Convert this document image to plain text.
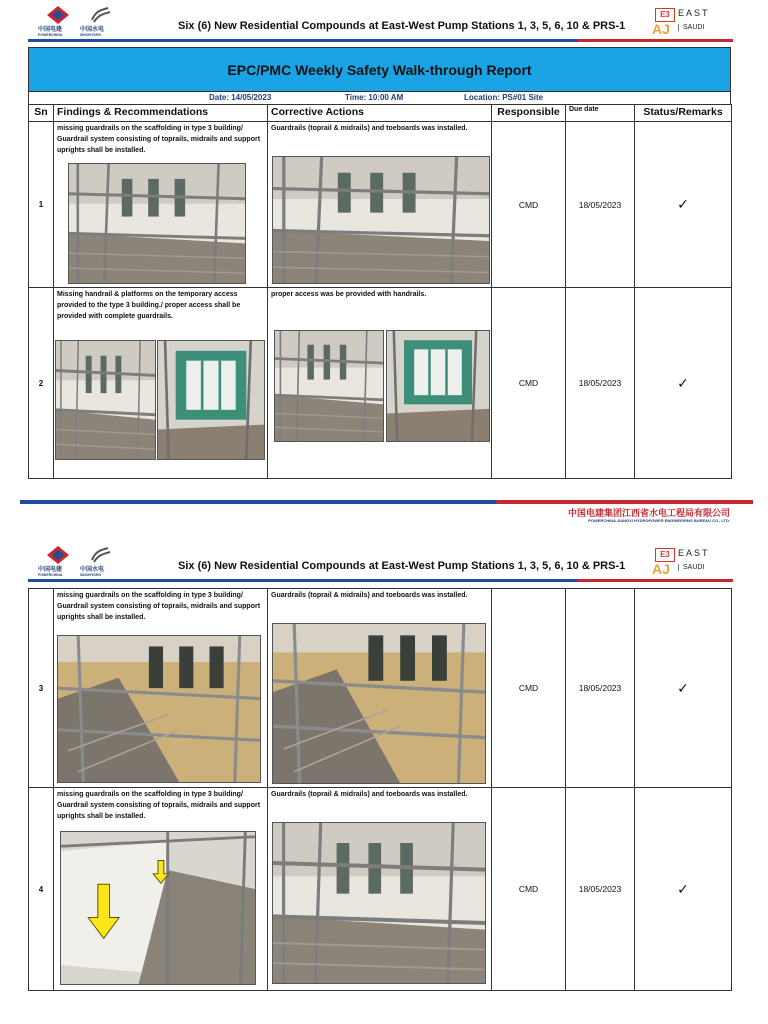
中国电建
POWERCHINA
中国水电
SINOHYDRO
Six (6) New Residential Compounds at East-West Pump Stations 1, 3, 5, 6, 10 & PRS-1
E3
AJ
EAST
SAUDI
EPC/PMC Weekly Safety Walk-through Report
Date: 14/05/2023	Time: 10:00 AM	Location: PS#01 Site
Sn	Findings & Recommendations	Corrective Actions	Responsible	Due date	Status/Remarks
1	missing guardrails on the scaffolding in type 3 building/ Guardrail system consisting of toprails, midrails and support uprights shall be installed.	Guardrails (toprail & midrails) and toeboards was installed.	CMD	18/05/2023	✓
2	Missing handrail & platforms on the temporary access provided to the type 3 building./ proper access shall be provided with complete guardrails.	proper access was be provided with handrails.	CMD	18/05/2023	✓
中国电建集团江西省水电工程局有限公司
POWERCHINA JIANGXI HYDROPOWER ENGINEERING BUREAU CO., LTD.
中国电建
POWERCHINA
中国水电
SINOHYDRO
Six (6) New Residential Compounds at East-West Pump Stations 1, 3, 5, 6, 10 & PRS-1
E3
AJ
EAST
SAUDI
3	missing guardrails on the scaffolding in type 3 building/ Guardrail system consisting of toprails, midrails and support uprights shall be installed.	Guardrails (toprail & midrails) and toeboards was installed.	CMD	18/05/2023	✓
4	missing guardrails on the scaffolding in type 3 building/ Guardrail system consisting of toprails, midrails and support uprights shall be installed.	Guardrails (toprail & midrails) and toeboards was installed.	CMD	18/05/2023	✓
